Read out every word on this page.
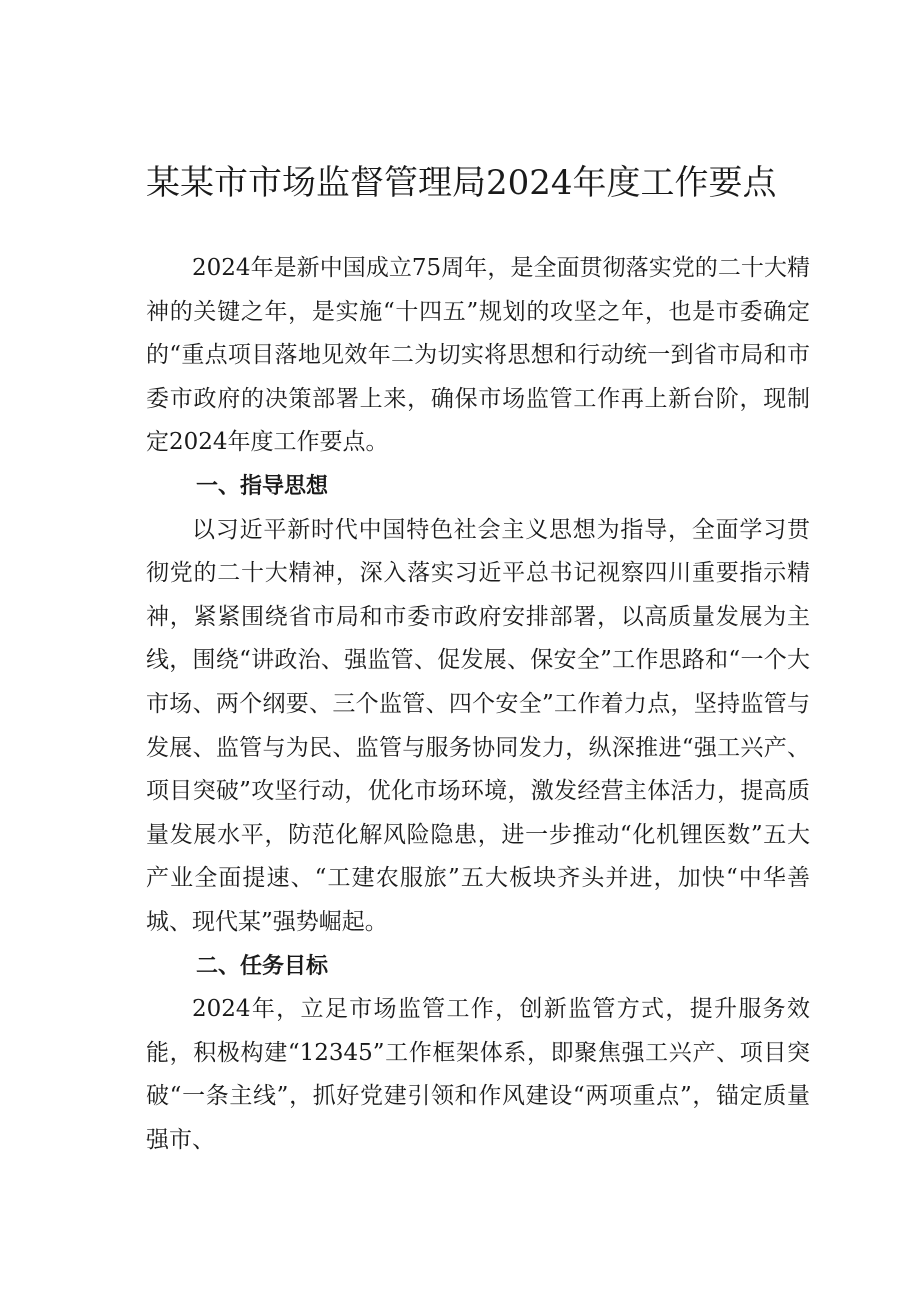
某某市市场监督管理局2024年度工作要点

2024年是新中国成立75周年，是全面贯彻落实党的二十大精神的关键之年，是实施“十四五”规划的攻坚之年，也是市委确定的“重点项目落地见效年二为切实将思想和行动统一到省市局和市委市政府的决策部署上来，确保市场监管工作再上新台阶，现制定2024年度工作要点。

一、指导思想

以习近平新时代中国特色社会主义思想为指导，全面学习贯彻党的二十大精神，深入落实习近平总书记视察四川重要指示精神，紧紧围绕省市局和市委市政府安排部署，以高质量发展为主线，围绕“讲政治、强监管、促发展、保安全”工作思路和“一个大市场、两个纲要、三个监管、四个安全”工作着力点，坚持监管与发展、监管与为民、监管与服务协同发力，纵深推进“强工兴产、项目突破”攻坚行动，优化市场环境，激发经营主体活力，提高质量发展水平，防范化解风险隐患，进一步推动“化机锂医数”五大产业全面提速、“工建农服旅”五大板块齐头并进，加快“中华善城、现代某”强势崛起。

二、任务目标

2024年，立足市场监管工作，创新监管方式，提升服务效能，积极构建“12345”工作框架体系，即聚焦强工兴产、项目突破“一条主线”，抓好党建引领和作风建设“两项重点”，锚定质量强市、
